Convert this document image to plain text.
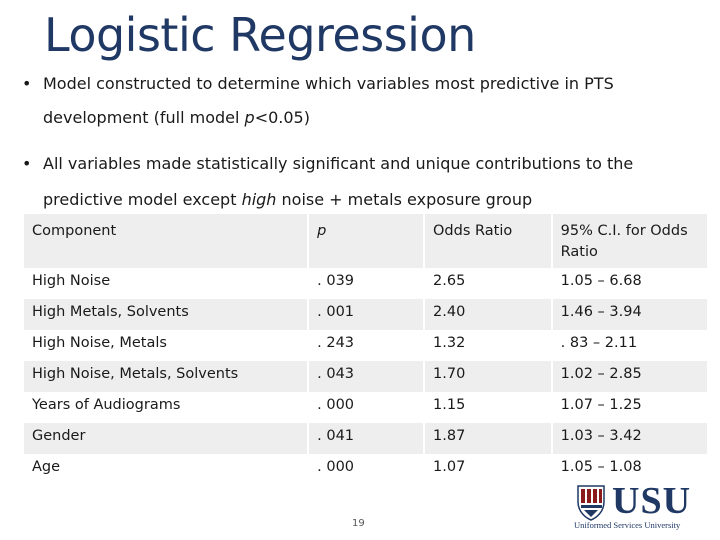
Logistic Regression
• Model constructed to determine which variables most predictive in PTS
development (full model p<0.05)
• All variables made statistically significant and unique contributions to the
predictive model except high noise + metals exposure group
Component	p	Odds Ratio	95% C.I. for Odds Ratio
High Noise	. 039	2.65	1.05 – 6.68
High Metals, Solvents	. 001	2.40	1.46 – 3.94
High Noise, Metals	. 243	1.32	. 83 – 2.11
High Noise, Metals, Solvents	. 043	1.70	1.02 – 2.85
Years of Audiograms	. 000	1.15	1.07 – 1.25
Gender	. 041	1.87	1.03 – 3.42
Age	. 000	1.07	1.05 – 1.08
19
USU
Uniformed Services University
